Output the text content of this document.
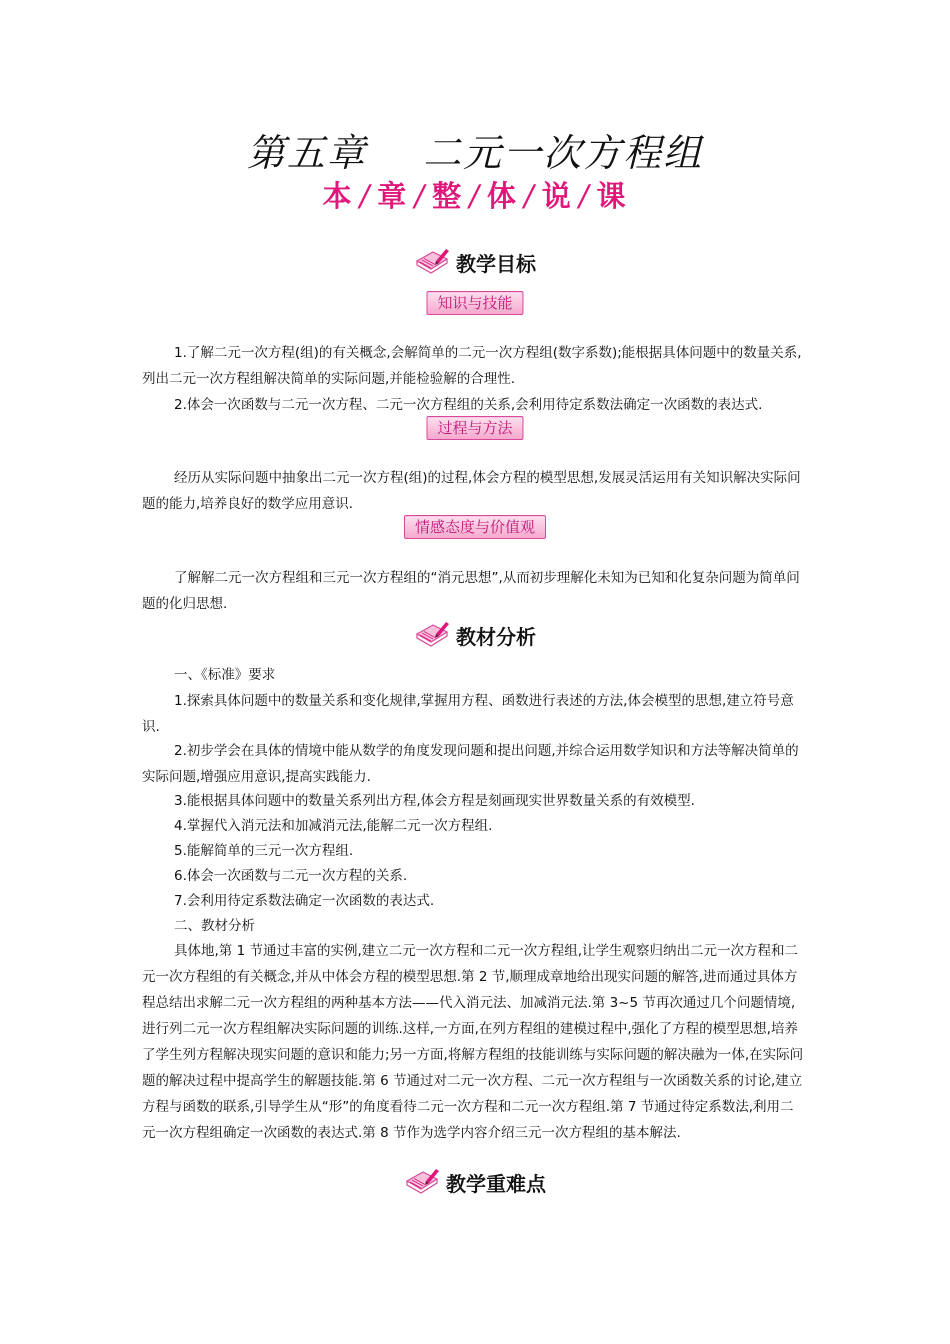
第五章    二元一次方程组
本 / 章 / 整 / 体 / 说 / 课
教学目标
知识与技能
1.了解二元一次方程(组)的有关概念,会解简单的二元一次方程组(数字系数);能根据具体问题中的数量关系,列出二元一次方程组解决简单的实际问题,并能检验解的合理性.
2.体会一次函数与二元一次方程、二元一次方程组的关系,会利用待定系数法确定一次函数的表达式.
过程与方法
经历从实际问题中抽象出二元一次方程(组)的过程,体会方程的模型思想,发展灵活运用有关知识解决实际问题的能力,培养良好的数学应用意识.
情感态度与价值观
了解解二元一次方程组和三元一次方程组的“消元思想”,从而初步理解化未知为已知和化复杂问题为简单问题的化归思想.
教材分析
一、《标准》要求
1.探索具体问题中的数量关系和变化规律,掌握用方程、函数进行表述的方法,体会模型的思想,建立符号意识.
2.初步学会在具体的情境中能从数学的角度发现问题和提出问题,并综合运用数学知识和方法等解决简单的实际问题,增强应用意识,提高实践能力.
3.能根据具体问题中的数量关系列出方程,体会方程是刻画现实世界数量关系的有效模型.
4.掌握代入消元法和加减消元法,能解二元一次方程组.
5.能解简单的三元一次方程组.
6.体会一次函数与二元一次方程的关系.
7.会利用待定系数法确定一次函数的表达式.
二、教材分析
具体地,第 1 节通过丰富的实例,建立二元一次方程和二元一次方程组,让学生观察归纳出二元一次方程和二元一次方程组的有关概念,并从中体会方程的模型思想.第 2 节,顺理成章地给出现实问题的解答,进而通过具体方程总结出求解二元一次方程组的两种基本方法——代入消元法、加减消元法.第 3~5 节再次通过几个问题情境,进行列二元一次方程组解决实际问题的训练.这样,一方面,在列方程组的建模过程中,强化了方程的模型思想,培养了学生列方程解决现实问题的意识和能力;另一方面,将解方程组的技能训练与实际问题的解决融为一体,在实际问题的解决过程中提高学生的解题技能.第 6 节通过对二元一次方程、二元一次方程组与一次函数关系的讨论,建立方程与函数的联系,引导学生从“形”的角度看待二元一次方程和二元一次方程组.第 7 节通过待定系数法,利用二元一次方程组确定一次函数的表达式.第 8 节作为选学内容介绍三元一次方程组的基本解法.
教学重难点
